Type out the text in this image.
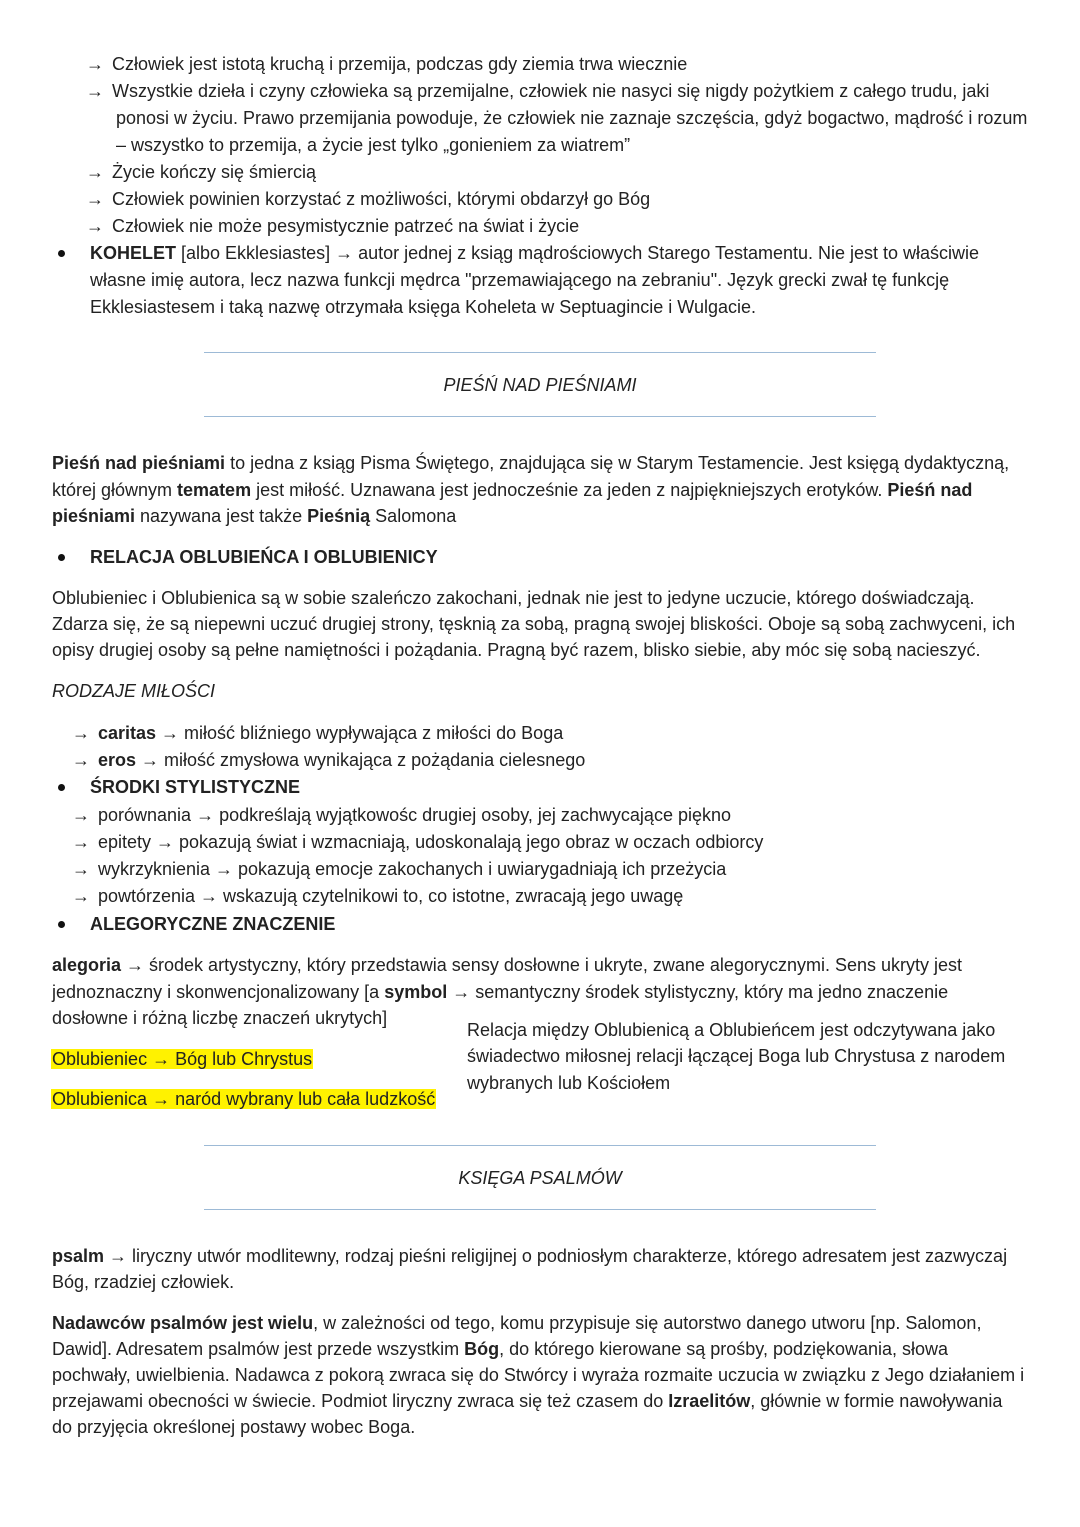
→ Człowiek jest istotą kruchą i przemija, podczas gdy ziemia trwa wiecznie
→ Wszystkie dzieła i czyny człowieka są przemijalne, człowiek nie nasyci się nigdy pożytkiem z całego trudu, jaki
ponosi w życiu. Prawo przemijania powoduje, że człowiek nie zaznaje szczęścia, gdyż bogactwo, mądrość i rozum
– wszystko to przemija, a życie jest tylko „gonieniem za wiatrem”
→ Życie kończy się śmiercią
→ Człowiek powinien korzystać z możliwości, którymi obdarzył go Bóg
→ Człowiek nie może pesymistycznie patrzeć na świat i życie
KOHELET [albo Ekklesiastes] → autor jednej z ksiąg mądrościowych Starego Testamentu. Nie jest to właściwie
własne imię autora, lecz nazwa funkcji mędrca "przemawiającego na zebraniu". Język grecki zwał tę funkcję
Ekklesiastesem i taką nazwę otrzymała księga Koheleta w Septuagincie i Wulgacie.
PIEŚŃ NAD PIEŚNIAMI
Pieśń nad pieśniami to jedna z ksiąg Pisma Świętego, znajdująca się w Starym Testamencie. Jest księgą dydaktyczną,
której głównym tematem jest miłość. Uznawana jest jednocześnie za jeden z najpiękniejszych erotyków. Pieśń nad
pieśniami nazywana jest także Pieśnią Salomona
RELACJA OBLUBIEŃCA I OBLUBIENICY
Oblubieniec i Oblubienica są w sobie szaleńczo zakochani, jednak nie jest to jedyne uczucie, którego doświadczają.
Zdarza się, że są niepewni uczuć drugiej strony, tęsknią za sobą, pragną swojej bliskości. Oboje są sobą zachwyceni, ich
opisy drugiej osoby są pełne namiętności i pożądania. Pragną być razem, blisko siebie, aby móc się sobą nacieszyć.
RODZAJE MIŁOŚCI
→ caritas → miłość bliźniego wypływająca z miłości do Boga
→ eros → miłość zmysłowa wynikająca z pożądania cielesnego
ŚRODKI STYLISTYCZNE
→ porównania → podkreślają wyjątkowośc drugiej osoby, jej zachwycające piękno
→ epitety → pokazują świat i wzmacniają, udoskonalają jego obraz w oczach odbiorcy
→ wykrzyknienia → pokazują emocje zakochanych i uwiarygadniają ich przeżycia
→ powtórzenia → wskazują czytelnikowi to, co istotne, zwracają jego uwagę
ALEGORYCZNE ZNACZENIE
alegoria → środek artystyczny, który przedstawia sensy dosłowne i ukryte, zwane alegorycznymi. Sens ukryty jest
jednoznaczny i skonwencjonalizowany [a symbol → semantyczny środek stylistyczny, który ma jedno znaczenie
dosłowne i różną liczbę znaczeń ukrytych]
Oblubieniec → Bóg lub Chrystus
Oblubienica → naród wybrany lub cała ludzkość
Relacja między Oblubienicą a Oblubieńcem jest odczytywana jako
świadectwo miłosnej relacji łączącej Boga lub Chrystusa z narodem
wybranych lub Kościołem
KSIĘGA PSALMÓW
psalm → liryczny utwór modlitewny, rodzaj pieśni religijnej o podniosłym charakterze, którego adresatem jest zazwyczaj
Bóg, rzadziej człowiek.
Nadawców psalmów jest wielu, w zależności od tego, komu przypisuje się autorstwo danego utworu [np. Salomon,
Dawid]. Adresatem psalmów jest przede wszystkim Bóg, do którego kierowane są prośby, podziękowania, słowa
pochwały, uwielbienia. Nadawca z pokorą zwraca się do Stwórcy i wyraża rozmaite uczucia w związku z Jego działaniem i
przejawami obecności w świecie. Podmiot liryczny zwraca się też czasem do Izraelitów, głównie w formie nawoływania
do przyjęcia określonej postawy wobec Boga.
